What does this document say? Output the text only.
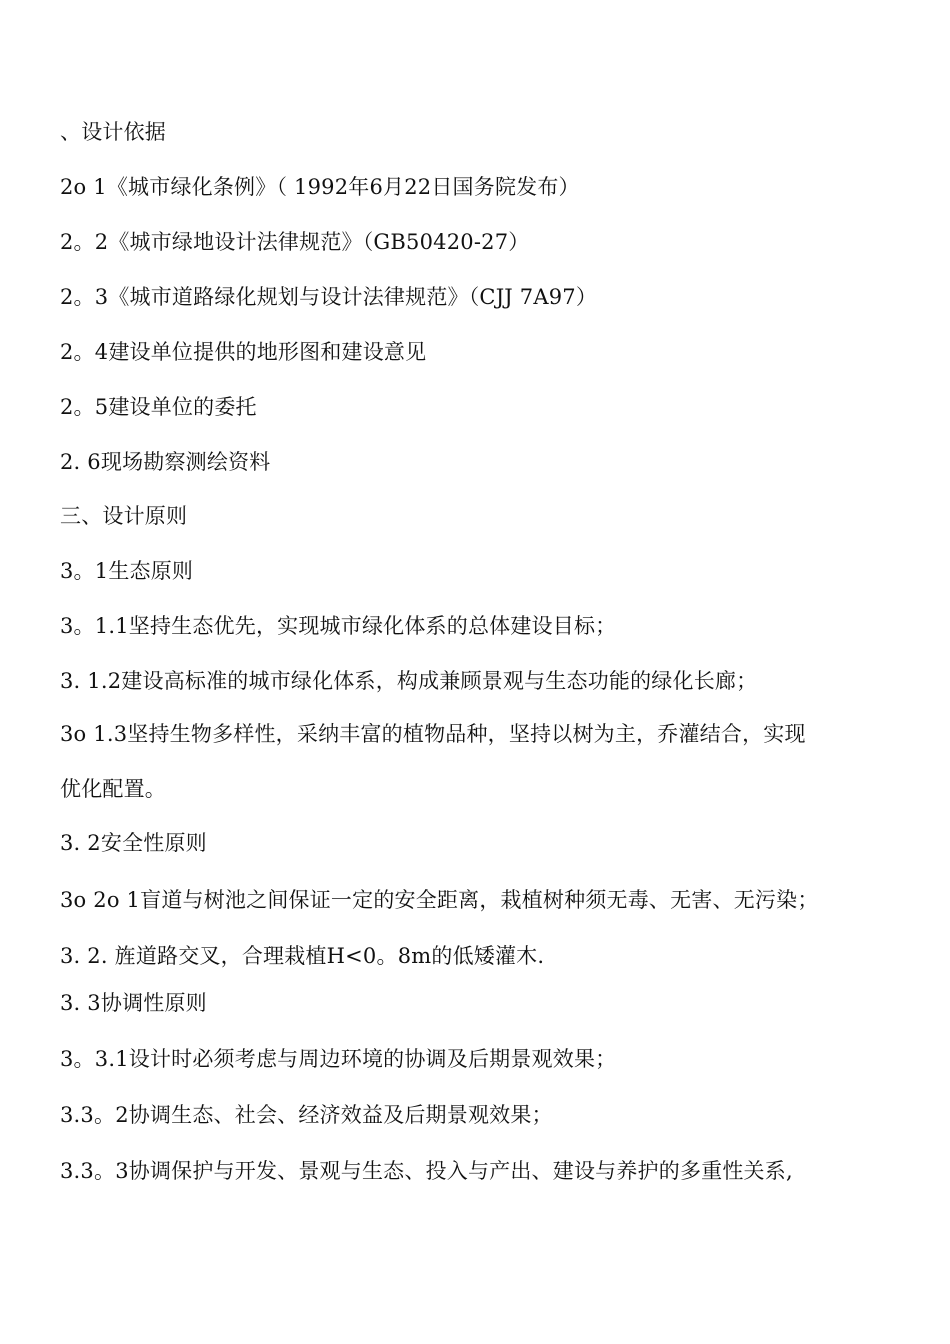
、设计依据
2o 1《城市绿化条例》（ 1992年6月22日国务院发布）
2。2《城市绿地设计法律规范》（GB50420-27）
2。3《城市道路绿化规划与设计法律规范》（CJJ 7A97）
2。4建设单位提供的地形图和建设意见
2。5建设单位的委托
2. 6现场勘察测绘资料
三、设计原则
3。1生态原则
3。1.1坚持生态优先，实现城市绿化体系的总体建设目标；
3. 1.2建设高标准的城市绿化体系，构成兼顾景观与生态功能的绿化长廊；
3o 1.3坚持生物多样性，采纳丰富的植物品种，坚持以树为主，乔灌结合，实现
优化配置。
3. 2安全性原则
3o 2o 1盲道与树池之间保证一定的安全距离，栽植树种须无毒、无害、无污染；
3. 2. 旌道路交叉，合理栽植H<0。8m的低矮灌木.
3. 3协调性原则
3。3.1设计时必须考虑与周边环境的协调及后期景观效果；
3.3。2协调生态、社会、经济效益及后期景观效果；
3.3。3协调保护与开发、景观与生态、投入与产出、建设与养护的多重性关系,
